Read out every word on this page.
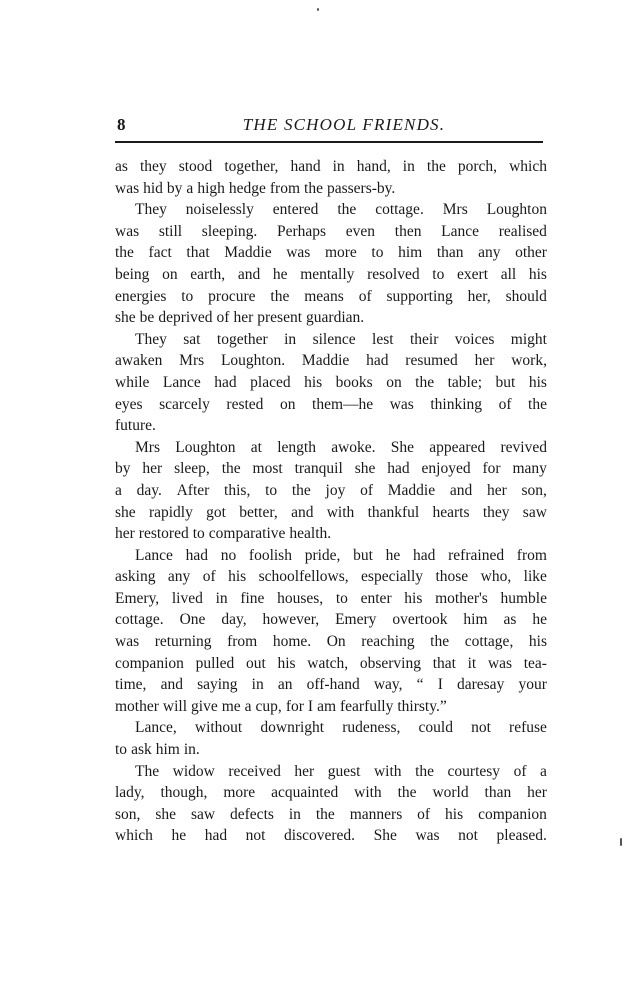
8	THE SCHOOL FRIENDS.
as they stood together, hand in hand, in the porch, which
was hid by a high hedge from the passers-by.
They noiselessly entered the cottage. Mrs Loughton
was still sleeping. Perhaps even then Lance realised
the fact that Maddie was more to him than any other
being on earth, and he mentally resolved to exert all his
energies to procure the means of supporting her, should
she be deprived of her present guardian.
They sat together in silence lest their voices might
awaken Mrs Loughton. Maddie had resumed her work,
while Lance had placed his books on the table; but his
eyes scarcely rested on them—he was thinking of the
future.
Mrs Loughton at length awoke. She appeared revived
by her sleep, the most tranquil she had enjoyed for many
a day. After this, to the joy of Maddie and her son,
she rapidly got better, and with thankful hearts they saw
her restored to comparative health.
Lance had no foolish pride, but he had refrained from
asking any of his schoolfellows, especially those who, like
Emery, lived in fine houses, to enter his mother's humble
cottage. One day, however, Emery overtook him as he
was returning from home. On reaching the cottage, his
companion pulled out his watch, observing that it was tea-
time, and saying in an off-hand way, “ I daresay your
mother will give me a cup, for I am fearfully thirsty.”
Lance, without downright rudeness, could not refuse
to ask him in.
The widow received her guest with the courtesy of a
lady, though, more acquainted with the world than her
son, she saw defects in the manners of his companion
which he had not discovered. She was not pleased.
